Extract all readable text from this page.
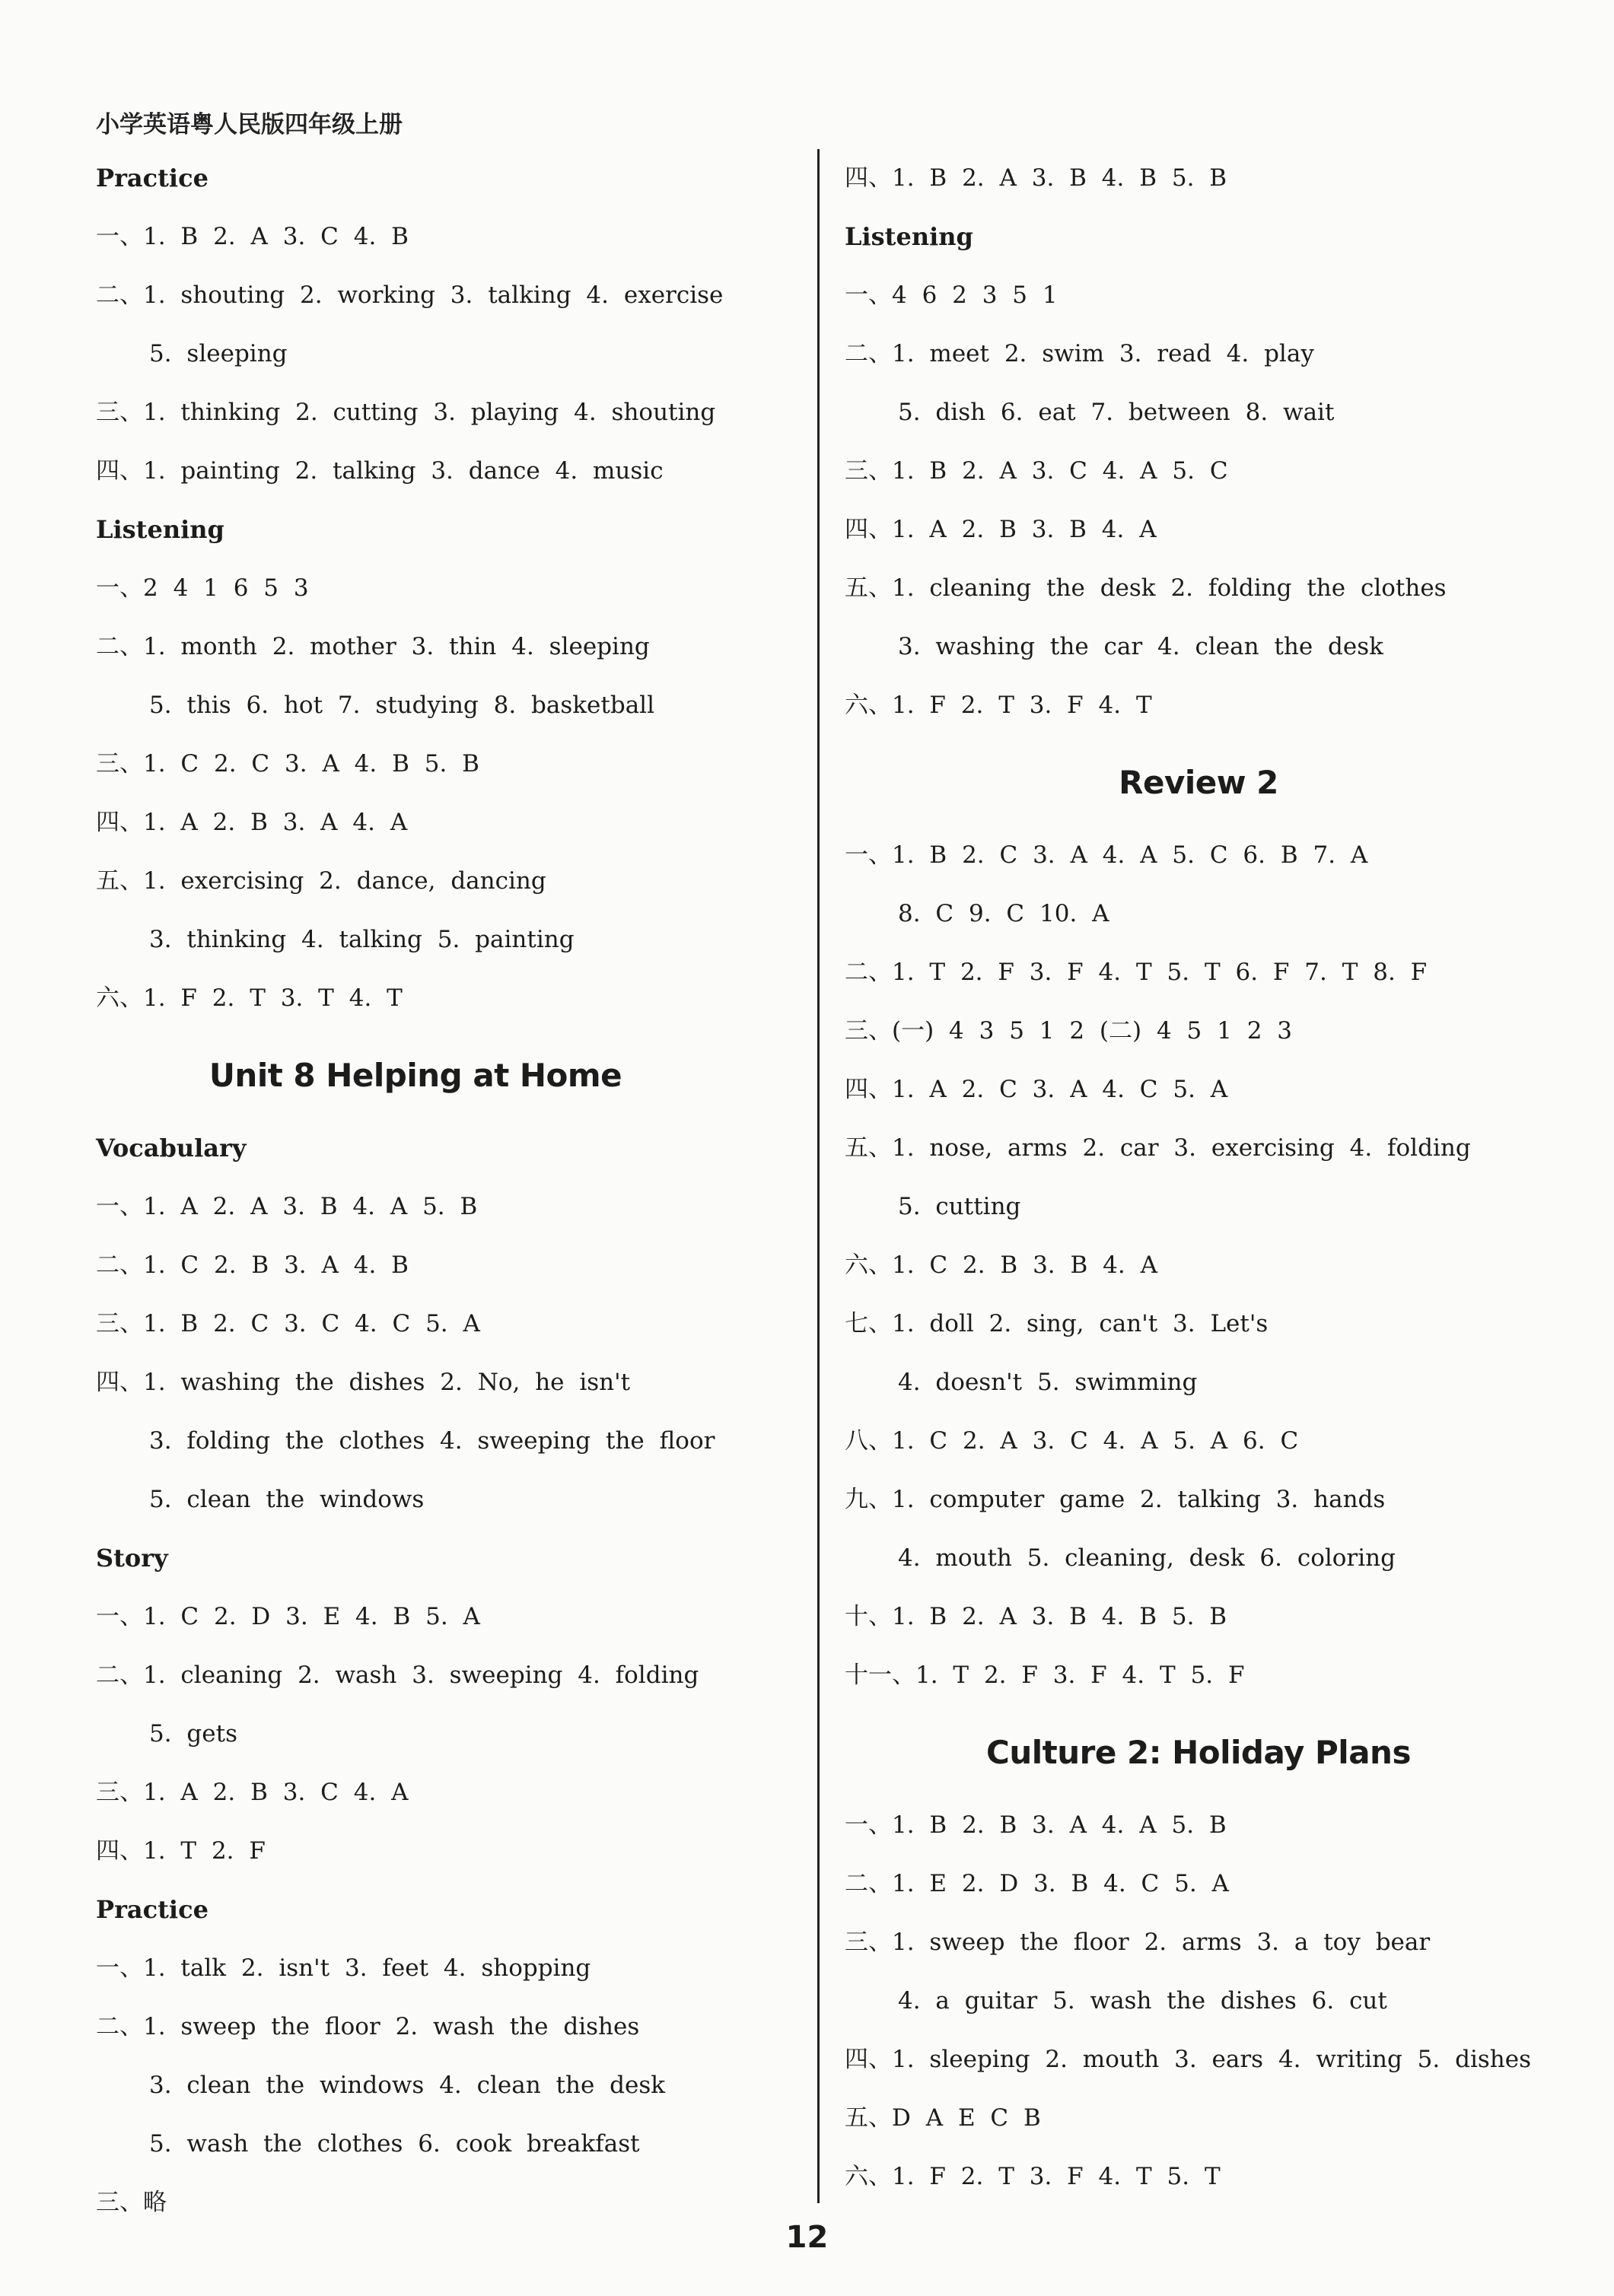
小学英语粤人民版四年级上册
Practice
一、1. B 2. A 3. C 4. B
二、1. shouting 2. working 3. talking 4. exercise
5. sleeping
三、1. thinking 2. cutting 3. playing 4. shouting
四、1. painting 2. talking 3. dance 4. music
Listening
一、2 4 1 6 5 3
二、1. month 2. mother 3. thin 4. sleeping
5. this 6. hot 7. studying 8. basketball
三、1. C 2. C 3. A 4. B 5. B
四、1. A 2. B 3. A 4. A
五、1. exercising 2. dance, dancing
3. thinking 4. talking 5. painting
六、1. F 2. T 3. T 4. T
Unit 8 Helping at Home
Vocabulary
一、1. A 2. A 3. B 4. A 5. B
二、1. C 2. B 3. A 4. B
三、1. B 2. C 3. C 4. C 5. A
四、1. washing the dishes 2. No, he isn't
3. folding the clothes 4. sweeping the floor
5. clean the windows
Story
一、1. C 2. D 3. E 4. B 5. A
二、1. cleaning 2. wash 3. sweeping 4. folding
5. gets
三、1. A 2. B 3. C 4. A
四、1. T 2. F
Practice
一、1. talk 2. isn't 3. feet 4. shopping
二、1. sweep the floor 2. wash the dishes
3. clean the windows 4. clean the desk
5. wash the clothes 6. cook breakfast
三、略
四、1. B 2. A 3. B 4. B 5. B
Listening
一、4 6 2 3 5 1
二、1. meet 2. swim 3. read 4. play
5. dish 6. eat 7. between 8. wait
三、1. B 2. A 3. C 4. A 5. C
四、1. A 2. B 3. B 4. A
五、1. cleaning the desk 2. folding the clothes
3. washing the car 4. clean the desk
六、1. F 2. T 3. F 4. T
Review 2
一、1. B 2. C 3. A 4. A 5. C 6. B 7. A
8. C 9. C 10. A
二、1. T 2. F 3. F 4. T 5. T 6. F 7. T 8. F
三、(一) 4 3 5 1 2 (二) 4 5 1 2 3
四、1. A 2. C 3. A 4. C 5. A
五、1. nose, arms 2. car 3. exercising 4. folding
5. cutting
六、1. C 2. B 3. B 4. A
七、1. doll 2. sing, can't 3. Let's
4. doesn't 5. swimming
八、1. C 2. A 3. C 4. A 5. A 6. C
九、1. computer game 2. talking 3. hands
4. mouth 5. cleaning, desk 6. coloring
十、1. B 2. A 3. B 4. B 5. B
十一、1. T 2. F 3. F 4. T 5. F
Culture 2: Holiday Plans
一、1. B 2. B 3. A 4. A 5. B
二、1. E 2. D 3. B 4. C 5. A
三、1. sweep the floor 2. arms 3. a toy bear
4. a guitar 5. wash the dishes 6. cut
四、1. sleeping 2. mouth 3. ears 4. writing 5. dishes
五、D A E C B
六、1. F 2. T 3. F 4. T 5. T
12
